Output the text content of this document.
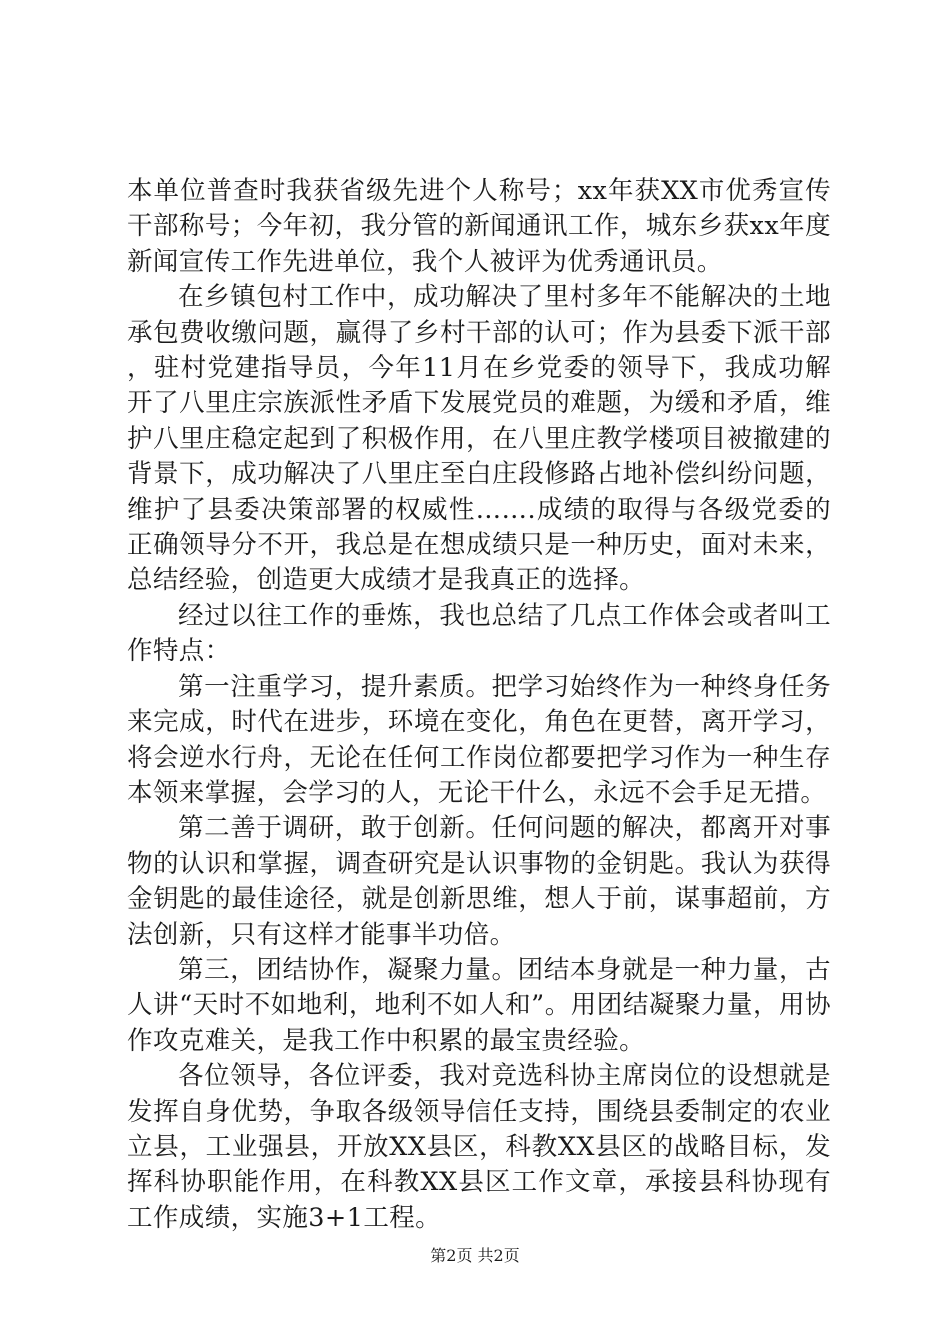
本单位普查时我获省级先进个人称号；xx年获XX市优秀宣传干部称号；今年初，我分管的新闻通讯工作，城东乡获xx年度新闻宣传工作先进单位，我个人被评为优秀通讯员。

在乡镇包村工作中，成功解决了里村多年不能解决的土地承包费收缴问题，赢得了乡村干部的认可；作为县委下派干部，驻村党建指导员，今年11月在乡党委的领导下，我成功解开了八里庄宗族派性矛盾下发展党员的难题，为缓和矛盾，维护八里庄稳定起到了积极作用，在八里庄教学楼项目被撤建的背景下，成功解决了八里庄至白庄段修路占地补偿纠纷问题，维护了县委决策部署的权威性…….成绩的取得与各级党委的正确领导分不开，我总是在想成绩只是一种历史，面对未来，总结经验，创造更大成绩才是我真正的选择。

经过以往工作的垂炼，我也总结了几点工作体会或者叫工作特点：

第一注重学习，提升素质。把学习始终作为一种终身任务来完成，时代在进步，环境在变化，角色在更替，离开学习，将会逆水行舟，无论在任何工作岗位都要把学习作为一种生存本领来掌握，会学习的人，无论干什么，永远不会手足无措。

第二善于调研，敢于创新。任何问题的解决，都离开对事物的认识和掌握，调查研究是认识事物的金钥匙。我认为获得金钥匙的最佳途径，就是创新思维，想人于前，谋事超前，方法创新，只有这样才能事半功倍。

第三，团结协作，凝聚力量。团结本身就是一种力量，古人讲“天时不如地利，地利不如人和”。用团结凝聚力量，用协作攻克难关，是我工作中积累的最宝贵经验。

各位领导，各位评委，我对竞选科协主席岗位的设想就是发挥自身优势，争取各级领导信任支持，围绕县委制定的农业立县，工业强县，开放XX县区，科教XX县区的战略目标，发挥科协职能作用，在科教XX县区工作文章，承接县科协现有工作成绩，实施3+1工程。

第2页 共2页
